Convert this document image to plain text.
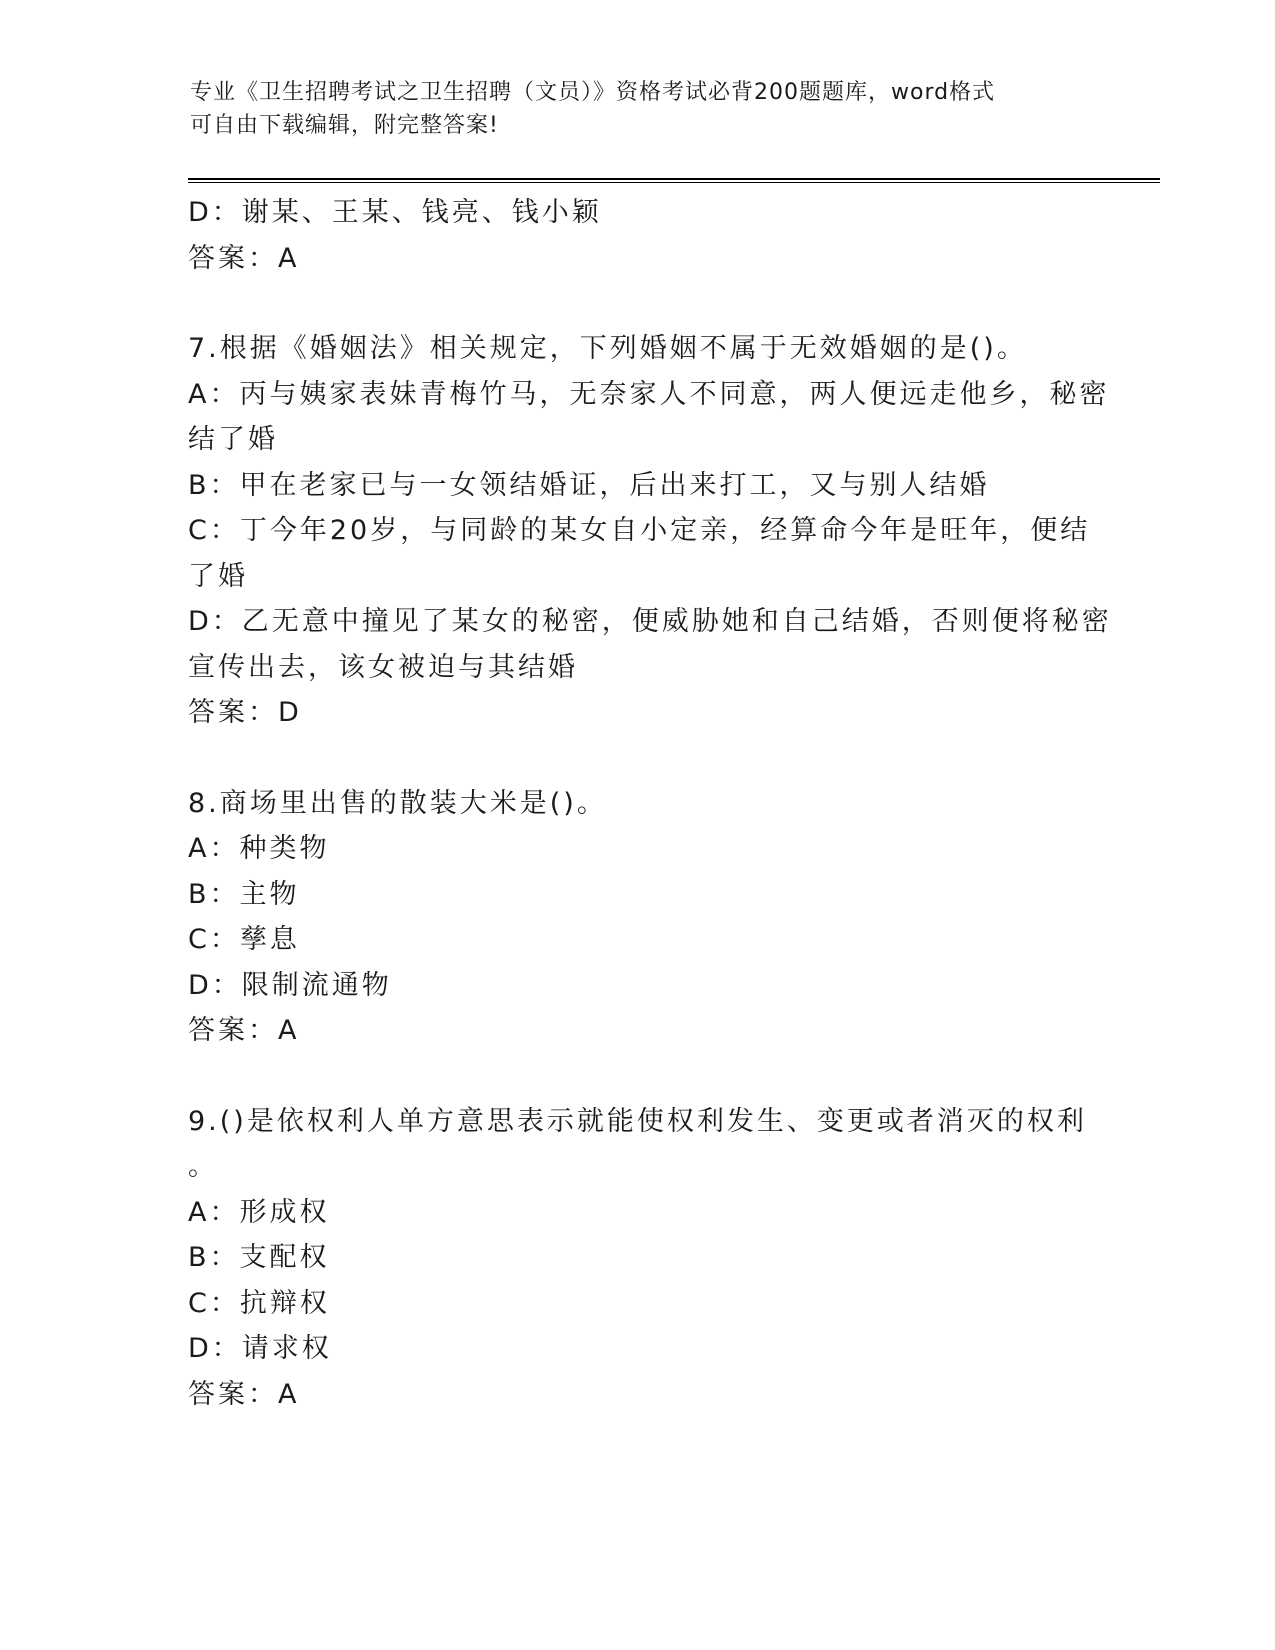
专业《卫生招聘考试之卫生招聘（文员）》资格考试必背200题题库，word格式
可自由下载编辑，附完整答案!
D：谢某、王某、钱亮、钱小颖
答案：A
7.根据《婚姻法》相关规定，下列婚姻不属于无效婚姻的是()。
A：丙与姨家表妹青梅竹马，无奈家人不同意，两人便远走他乡，秘密
结了婚
B：甲在老家已与一女领结婚证，后出来打工，又与别人结婚
C：丁今年20岁，与同龄的某女自小定亲，经算命今年是旺年，便结
了婚
D：乙无意中撞见了某女的秘密，便威胁她和自己结婚，否则便将秘密
宣传出去，该女被迫与其结婚
答案：D
8.商场里出售的散装大米是()。
A：种类物
B：主物
C：孳息
D：限制流通物
答案：A
9.()是依权利人单方意思表示就能使权利发生、变更或者消灭的权利
。
A：形成权
B：支配权
C：抗辩权
D：请求权
答案：A
